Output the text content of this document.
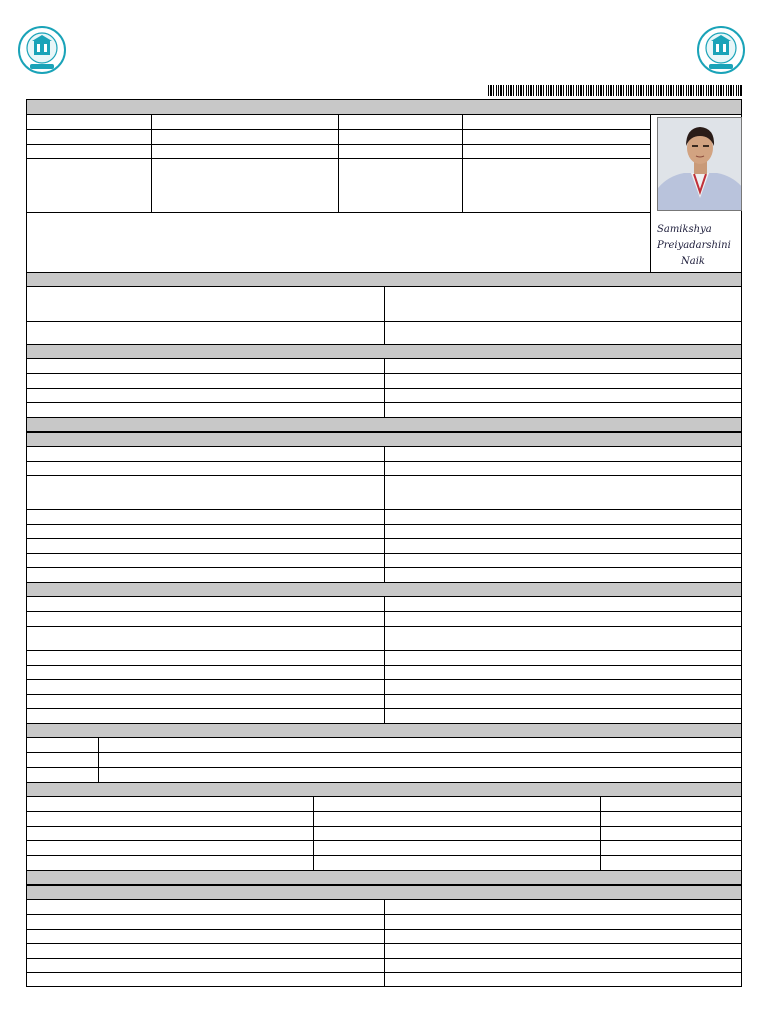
Samikshya
Preiyadarshini
Naik
